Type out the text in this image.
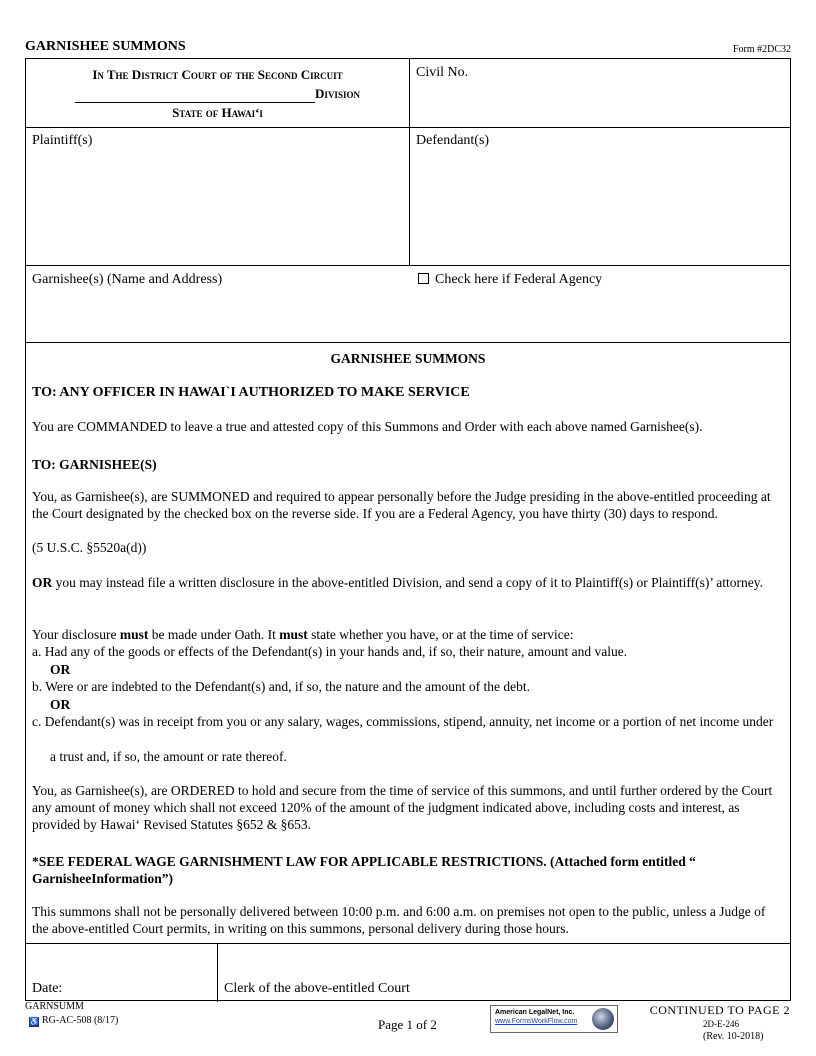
GARNISHEE SUMMONS	Form #2DC32
In The District Court of the Second Circuit
Division
State of Hawai‘i
Civil No.
Plaintiff(s)	Defendant(s)
Garnishee(s) (Name and Address)	Check here if Federal Agency
GARNISHEE SUMMONS
TO: ANY OFFICER IN HAWAI`I AUTHORIZED TO MAKE SERVICE
You are COMMANDED to leave a true and attested copy of this Summons and Order with each above named Garnishee(s).
TO: GARNISHEE(S)
You, as Garnishee(s), are SUMMONED and required to appear personally before the Judge presiding in the above-entitled proceeding at the Court designated by the checked box on the reverse side. If you are a Federal Agency, you have thirty (30) days to respond.
(5 U.S.C. §5520a(d))
OR you may instead file a written disclosure in the above-entitled Division, and send a copy of it to Plaintiff(s) or Plaintiff(s)’ attorney.
Your disclosure must be made under Oath. It must state whether you have, or at the time of service:
a. Had any of the goods or effects of the Defendant(s) in your hands and, if so, their nature, amount and value.
OR
b. Were or are indebted to the Defendant(s) and, if so, the nature and the amount of the debt.
OR
c. Defendant(s) was in receipt from you or any salary, wages, commissions, stipend, annuity, net income or a portion of net income under
a trust and, if so, the amount or rate thereof.
You, as Garnishee(s), are ORDERED to hold and secure from the time of service of this summons, and until further ordered by the Court any amount of money which shall not exceed 120% of the amount of the judgment indicated above, including costs and interest, as provided by Hawai‘ Revised Statutes §652 & §653.
*SEE FEDERAL WAGE GARNISHMENT LAW FOR APPLICABLE RESTRICTIONS. (Attached form entitled “ GarnisheeInformation”)
This summons shall not be personally delivered between 10:00 p.m. and 6:00 a.m. on premises not open to the public, unless a Judge of the above-entitled Court permits, in writing on this summons, personal delivery during those hours.
Date:	Clerk of the above-entitled Court
GARNSUMM
♿ RG-AC-508 (8/17)	Page 1 of 2
American LegalNet, Inc.
www.FormsWorkFlow.com
CONTINUED TO PAGE 2
2D-E-246
(Rev. 10-2018)
